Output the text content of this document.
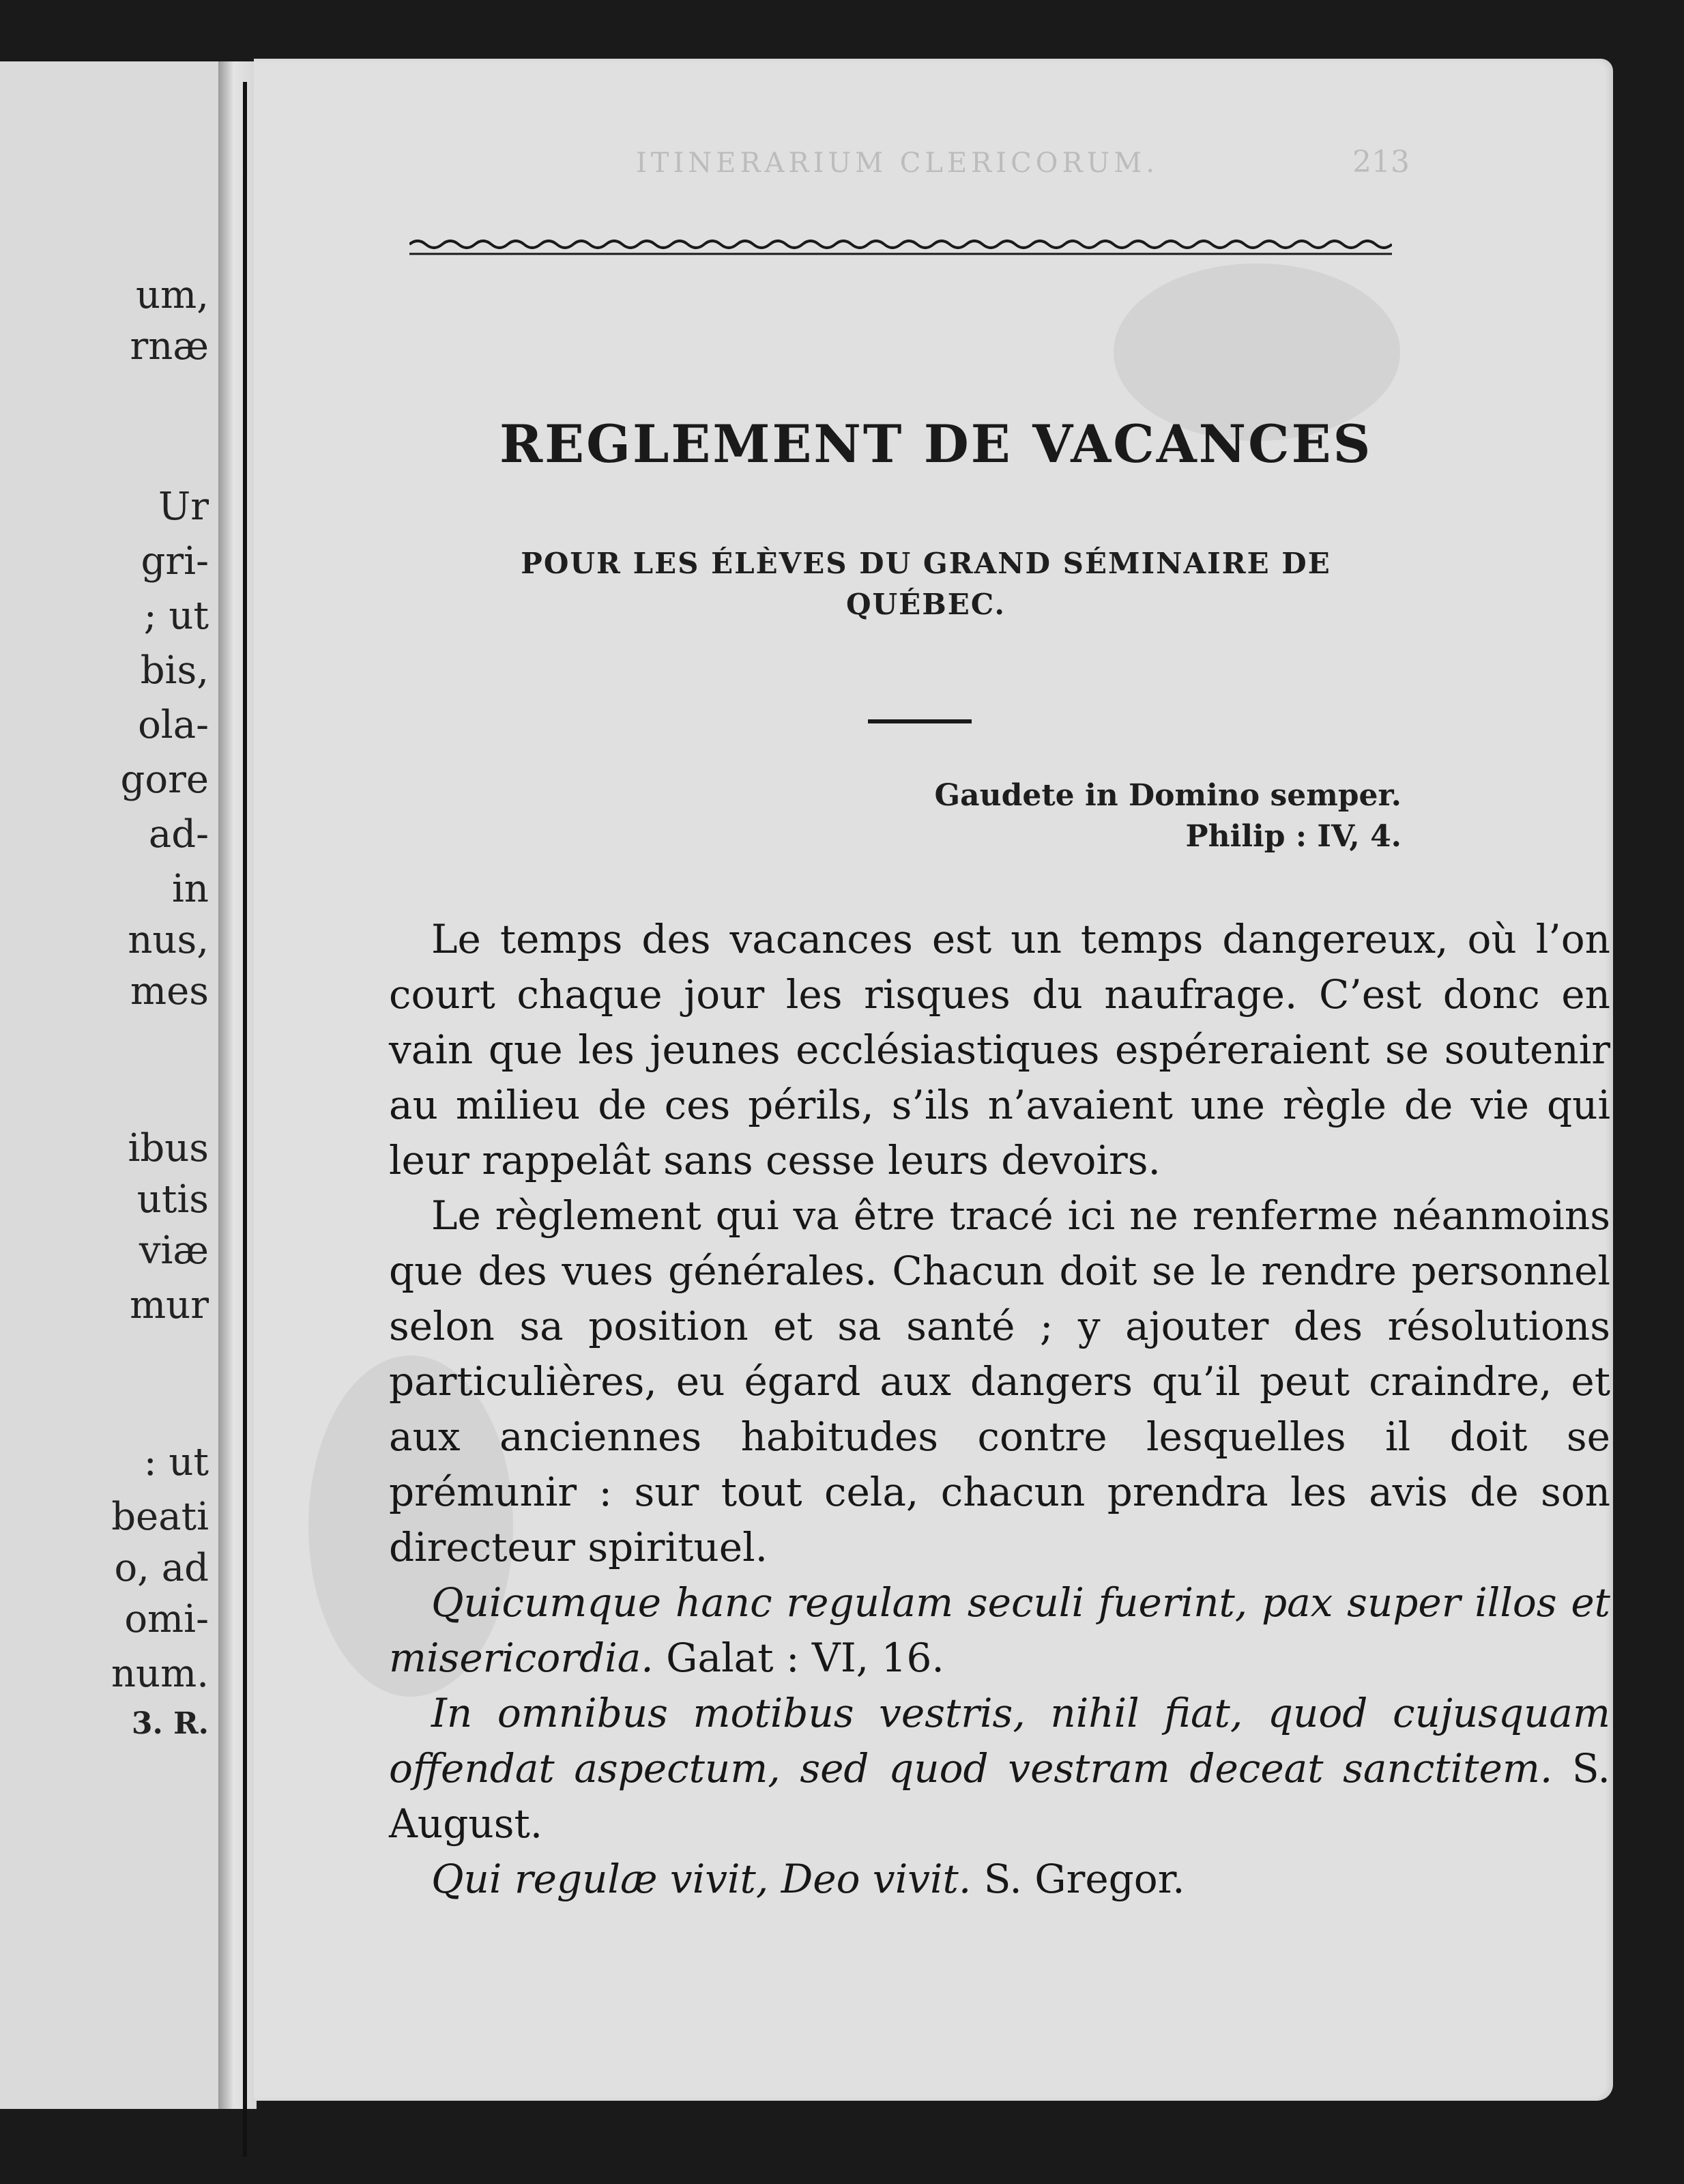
um,
rnæ
Ur
gri-
; ut
bis,
ola-
gore
ad-
in
nus,
mes
ibus
utis
viæ
mur
: ut
beati
o, ad
omi-
num.
3. R.
ITINERARIUM CLERICORUM.	213
REGLEMENT DE VACANCES
POUR LES ÉLÈVES DU GRAND SÉMINAIRE DE
QUÉBEC.
Gaudete in Domino semper.
Philip : IV, 4.

Le temps des vacances est un temps dangereux, où l’on court chaque jour les risques du naufrage. C’est donc en vain que les jeunes ecclésiastiques espéreraient se soutenir au milieu de ces périls, s’ils n’avaient une règle de vie qui leur rappelât sans cesse leurs devoirs.

Le règlement qui va être tracé ici ne renferme néanmoins que des vues générales. Chacun doit se le rendre personnel selon sa position et sa santé ; y ajouter des résolutions particulières, eu égard aux dangers qu’il peut craindre, et aux anciennes habitudes contre lesquelles il doit se prémunir : sur tout cela, chacun prendra les avis de son directeur spirituel.

Quicumque hanc regulam seculi fuerint, pax super illos et misericordia. Galat : VI, 16.

In omnibus motibus vestris, nihil fiat, quod cujusquam offendat aspectum, sed quod vestram deceat sanctitem. S. August.

Qui regulæ vivit, Deo vivit. S. Gregor.
